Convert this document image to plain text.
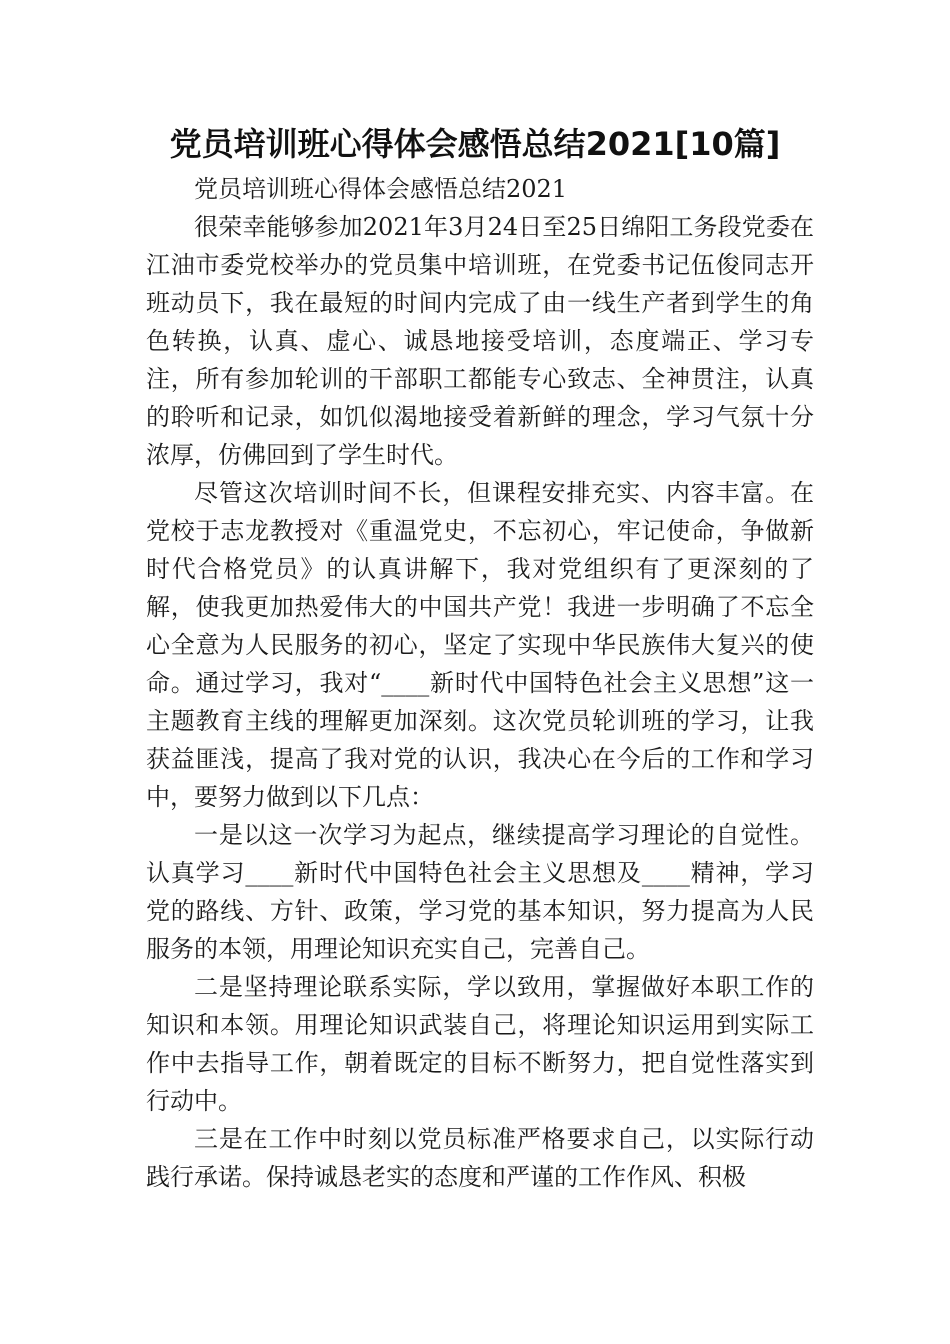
党员培训班心得体会感悟总结2021[10篇]

党员培训班心得体会感悟总结2021

很荣幸能够参加2021年3月24日至25日绵阳工务段党委在江油市委党校举办的党员集中培训班，在党委书记伍俊同志开班动员下，我在最短的时间内完成了由一线生产者到学生的角色转换，认真、虚心、诚恳地接受培训，态度端正、学习专注，所有参加轮训的干部职工都能专心致志、全神贯注，认真的聆听和记录，如饥似渴地接受着新鲜的理念，学习气氛十分浓厚，仿佛回到了学生时代。

尽管这次培训时间不长，但课程安排充实、内容丰富。在党校于志龙教授对《重温党史，不忘初心，牢记使命，争做新时代合格党员》的认真讲解下，我对党组织有了更深刻的了解，使我更加热爱伟大的中国共产党！我进一步明确了不忘全心全意为人民服务的初心，坚定了实现中华民族伟大复兴的使命。通过学习，我对“____新时代中国特色社会主义思想”这一主题教育主线的理解更加深刻。这次党员轮训班的学习，让我获益匪浅，提高了我对党的认识，我决心在今后的工作和学习中，要努力做到以下几点：

一是以这一次学习为起点，继续提高学习理论的自觉性。认真学习____新时代中国特色社会主义思想及____精神，学习党的路线、方针、政策，学习党的基本知识，努力提高为人民服务的本领，用理论知识充实自己，完善自己。

二是坚持理论联系实际，学以致用，掌握做好本职工作的知识和本领。用理论知识武装自己，将理论知识运用到实际工作中去指导工作，朝着既定的目标不断努力，把自觉性落实到行动中。

三是在工作中时刻以党员标准严格要求自己，以实际行动践行承诺。保持诚恳老实的态度和严谨的工作作风、积极
